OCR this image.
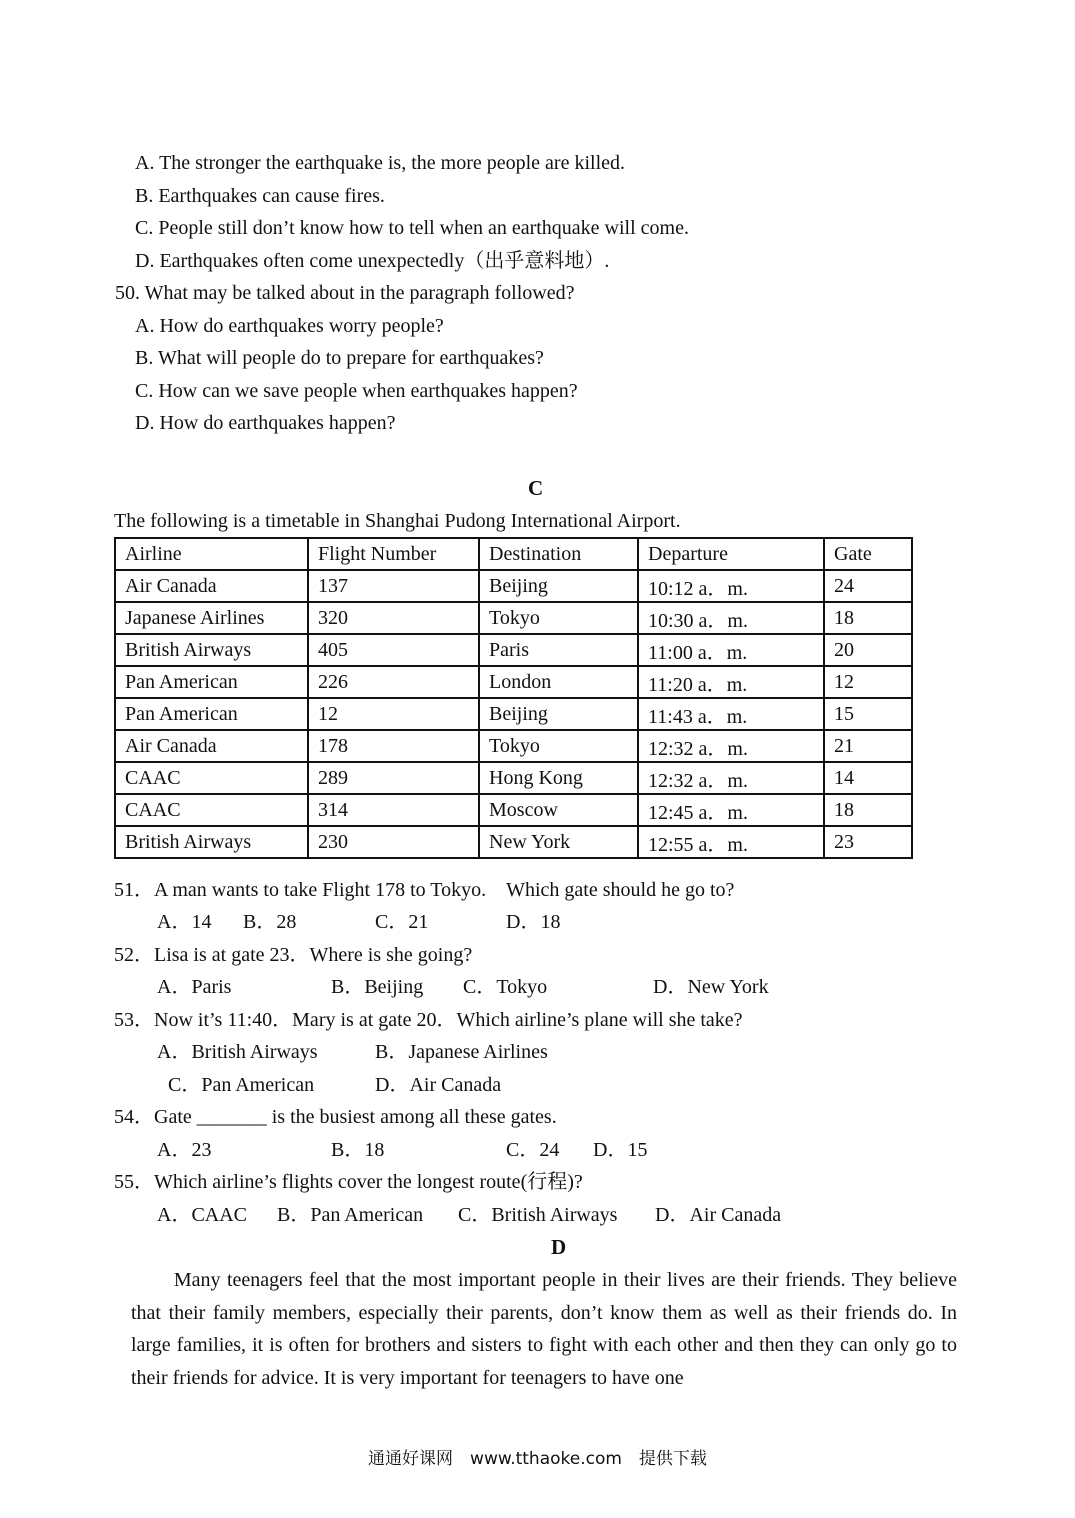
A. The stronger the earthquake is, the more people are killed.
B. Earthquakes can cause fires.
C. People still don’t know how to tell when an earthquake will come.
D. Earthquakes often come unexpectedly（出乎意料地）.
50. What may be talked about in the paragraph followed?
A. How do earthquakes worry people?
B. What will people do to prepare for earthquakes?
C. How can we save people when earthquakes happen?
D. How do earthquakes happen?
C
The following is a timetable in Shanghai Pudong International Airport.
Airline	Flight Number	Destination	Departure	Gate
Air Canada	137	Beijing	10:12 a．m.	24
Japanese Airlines	320	Tokyo	10:30 a．m.	18
British Airways	405	Paris	11:00 a．m.	20
Pan American	226	London	11:20 a．m.	12
Pan American	12	Beijing	11:43 a．m.	15
Air Canada	178	Tokyo	12:32 a．m.	21
CAAC	289	Hong Kong	12:32 a．m.	14
CAAC	314	Moscow	12:45 a．m.	18
British Airways	230	New York	12:55 a．m.	23
51．A man wants to take Flight 178 to Tokyo.　Which gate should he go to?
A．14 B．28	C．21	D．18
52．Lisa is at gate 23．Where is she going?
A．Paris	B．Beijing C．Tokyo	D．New York
53．Now it’s 11:40．Mary is at gate 20．Which airline’s plane will she take?
A．British Airways	B．Japanese Airlines
C．Pan American	D．Air Canada
54．Gate _______ is the busiest among all these gates.
A．23	B．18	C．24 D．15
55．Which airline’s flights cover the longest route(行程)?
A．CAAC B．Pan American C．British Airways D．Air Canada
D
　　Many teenagers feel that the most important people in their lives are their friends. They believe that their family members, especially their parents, don’t know them as well as their friends do. In large families, it is often for brothers and sisters to fight with each other and then they can only go to their friends for advice. It is very important for teenagers to have one
通通好课网　www.tthaoke.com　提供下载
